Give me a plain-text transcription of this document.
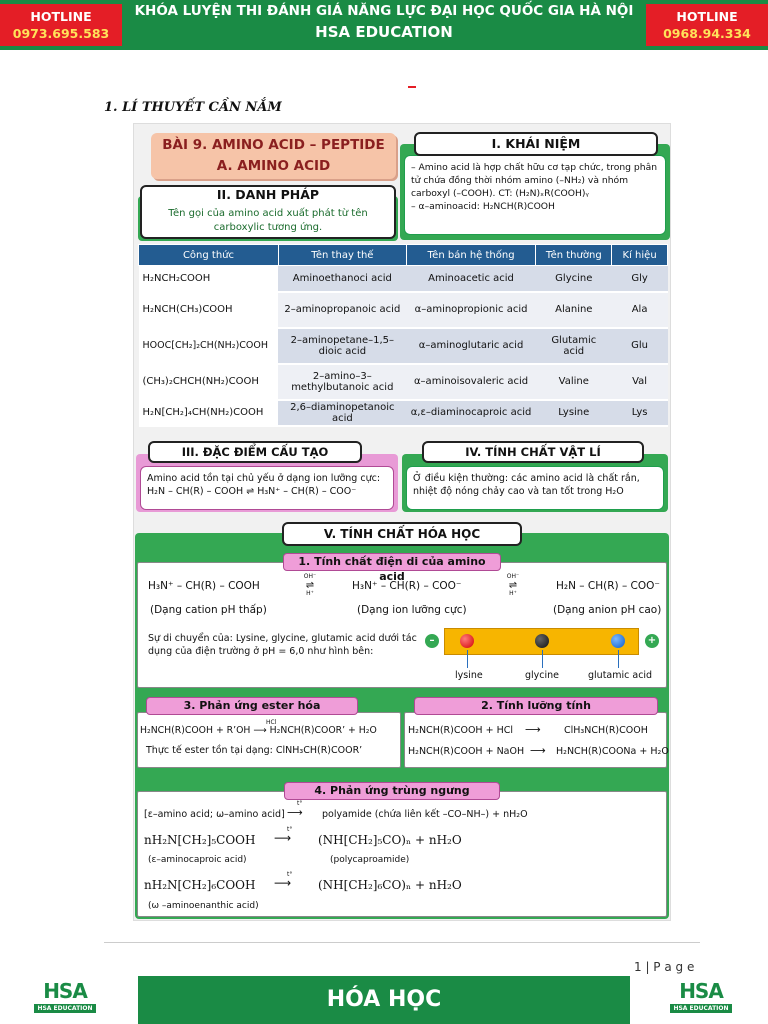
HOTLINE
0973.695.583
KHÓA LUYỆN THI ĐÁNH GIÁ NĂNG LỰC ĐẠI HỌC QUỐC GIA HÀ NỘI
HSA EDUCATION
HOTLINE
0968.94.334
1. LÍ THUYẾT CẦN NẮM
BÀI 9. AMINO ACID – PEPTIDE
A. AMINO ACID	– Amino acid là hợp chất hữu cơ tạp chức, trong phân tử chứa đồng thời nhóm amino (–NH₂) và nhóm carboxyl (–COOH). CT: (H₂N)ₓR(COOH)ᵧ
– α–aminoacid: H₂NCH(R)COOH
I. KHÁI NIỆM
Tên gọi của amino acid xuất phát từ tên carboxylic tương ứng.
II. DANH PHÁP
Công thức	Tên thay thế	Tên bán hệ thống	Tên thường	Kí hiệu
H₂NCH₂COOH	Aminoethanoci acid	Aminoacetic acid	Glycine	Gly
H₂NCH(CH₃)COOH	2–aminopropanoic acid	α–aminopropionic acid	Alanine	Ala
HOOC[CH₂]₂CH(NH₂)COOH	2–aminopetane–1,5–dioic acid	α–aminoglutaric acid	Glutamic acid	Glu
(CH₃)₂CHCH(NH₂)COOH	2–amino–3–methylbutanoic acid	α–aminoisovaleric acid	Valine	Val
H₂N[CH₂]₄CH(NH₂)COOH	2,6–diaminopetanoic acid	α,ε–diaminocaproic acid	Lysine	Lys
Amino acid tồn tại chủ yếu ở dạng ion lưỡng cực:
H₂N – CH(R) – COOH ⇌ H₃N⁺ – CH(R) – COO⁻
III. ĐẶC ĐIỂM CẤU TẠO
Ở điều kiện thường: các amino acid là chất rắn, nhiệt độ nóng chảy cao và tan tốt trong H₂O
IV. TÍNH CHẤT VẬT LÍ
V. TÍNH CHẤT HÓA HỌC
1. Tính chất điện di của amino acid
H₃N⁺ – CH(R) – COOH
OH⁻
⇌
H⁺
H₃N⁺ – CH(R) – COO⁻
OH⁻
⇌
H⁺
H₂N – CH(R) – COO⁻
(Dạng cation pH thấp)	(Dạng ion lưỡng cực)	(Dạng anion pH cao)
Sự di chuyển của: Lysine, glycine, glutamic acid dưới tác dụng của điện trường ở pH = 6,0 như hình bên:
–	+
lysine	glycine	glutamic acid
3. Phản ứng ester hóa
HCl
H₂NCH(R)COOH + R’OH ⟶ H₂NCH(R)COOR’ + H₂O
Thực tế ester tồn tại dạng: ClNH₃CH(R)COOR’
2. Tính lưỡng tính
H₂NCH(R)COOH + HCl ⟶ ClH₃NCH(R)COOH
H₂NCH(R)COOH + NaOH ⟶ H₂NCH(R)COONa + H₂O
4. Phản ứng trùng ngưng
[ε–amino acid; ω–amino acid]
t°
⟶ polyamide (chứa liên kết –CO–NH–) + nH₂O
nH₂N[CH₂]₅COOH
t°
⟶ (NH[CH₂]₅CO)ₙ + nH₂O
(ε–aminocaproic acid)	(polycaproamide)
nH₂N[CH₂]₆COOH
t°
⟶ (NH[CH₂]₆CO)ₙ + nH₂O
(ω –aminoenanthic acid)
1 | P a g e
HSA
HSA EDUCATION	HÓA HỌC	HSA
HSA EDUCATION
